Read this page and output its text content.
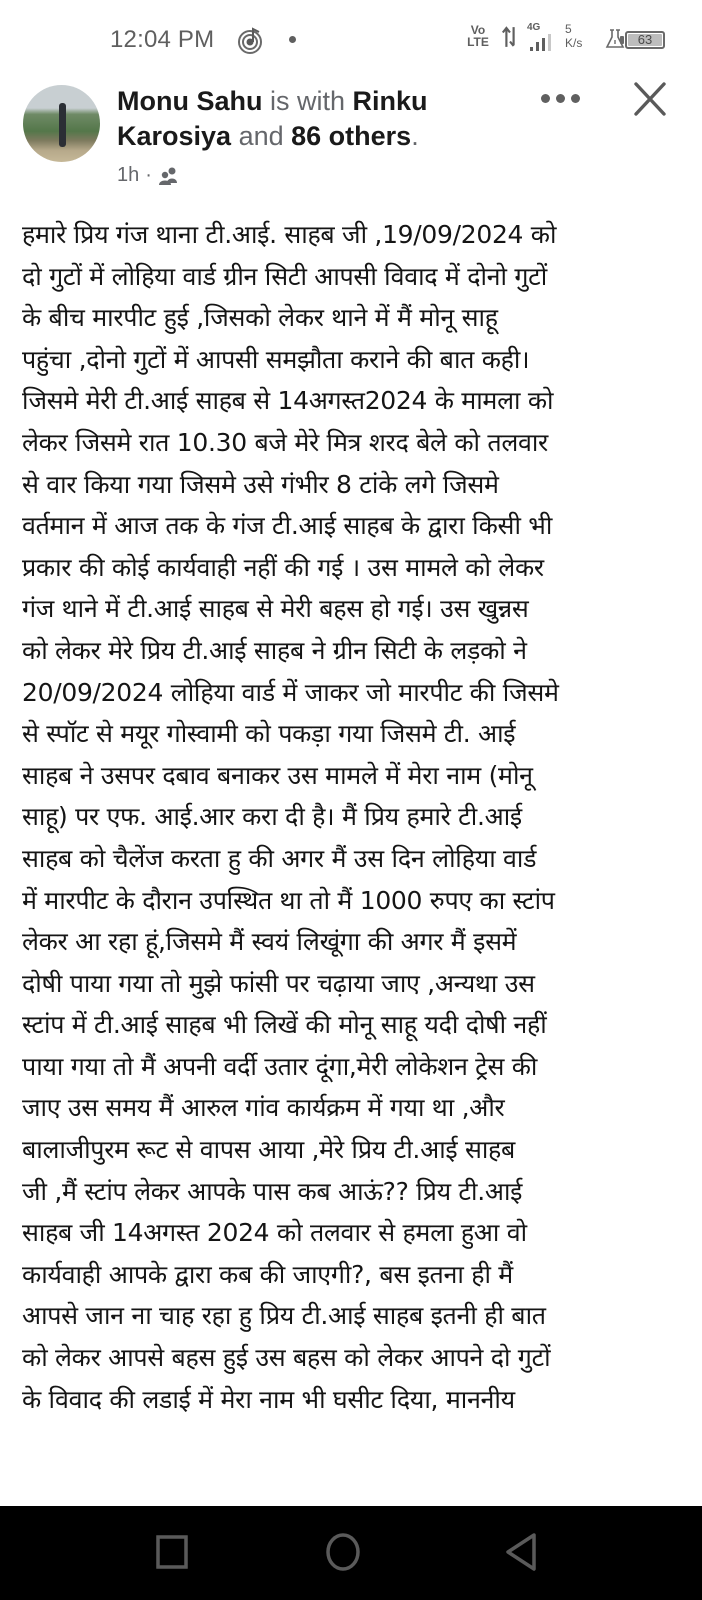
12:04 PM	Vo
LTE
4G 5
K/s	63
Monu Sahu is with Rinku Karosiya and 86 others.
1h ·
हमारे प्रिय गंज थाना टी.आई. साहब जी ,19/09/2024 को
दो गुटों में लोहिया वार्ड ग्रीन सिटी आपसी विवाद में दोनो गुटों
के बीच मारपीट हुई ,जिसको लेकर थाने में मैं मोनू साहू
पहुंचा ,दोनो गुटों में आपसी समझौता कराने की बात कही।
जिसमे मेरी टी.आई साहब से 14अगस्त2024 के मामला को
लेकर जिसमे रात 10.30 बजे मेरे मित्र शरद बेले को तलवार
से वार किया गया जिसमे उसे गंभीर 8 टांके लगे जिसमे
वर्तमान में आज तक के गंज टी.आई साहब के द्वारा किसी भी
प्रकार की कोई कार्यवाही नहीं की गई । उस मामले को लेकर
गंज थाने में टी.आई साहब से मेरी बहस हो गई। उस खुन्नस
को लेकर मेरे प्रिय टी.आई साहब ने ग्रीन सिटी के लड़को ने
20/09/2024 लोहिया वार्ड में जाकर जो मारपीट की जिसमे
से स्पॉट से मयूर गोस्वामी को पकड़ा गया जिसमे टी. आई
साहब ने उसपर दबाव बनाकर उस मामले में मेरा नाम (मोनू
साहू) पर एफ. आई.आर करा दी है। मैं प्रिय हमारे टी.आई
साहब को चैलेंज करता हु की अगर मैं उस दिन लोहिया वार्ड
में मारपीट के दौरान उपस्थित था तो मैं 1000 रुपए का स्टांप
लेकर आ रहा हूं,जिसमे मैं स्वयं लिखूंगा की अगर मैं इसमें
दोषी पाया गया तो मुझे फांसी पर चढ़ाया जाए ,अन्यथा उस
स्टांप में टी.आई साहब भी लिखें की मोनू साहू यदी दोषी नहीं
पाया गया तो मैं अपनी वर्दी उतार दूंगा,मेरी लोकेशन ट्रेस की
जाए उस समय मैं आरुल गांव कार्यक्रम में गया था ,और
बालाजीपुरम रूट से वापस आया ,मेरे प्रिय टी.आई साहब
जी ,मैं स्टांप लेकर आपके पास कब आऊं?? प्रिय टी.आई
साहब जी 14अगस्त 2024 को तलवार से हमला हुआ वो
कार्यवाही आपके द्वारा कब की जाएगी?, बस इतना ही मैं
आपसे जान ना चाह रहा हु प्रिय टी.आई साहब इतनी ही बात
को लेकर आपसे बहस हुई उस बहस को लेकर आपने दो गुटों
के विवाद की लडाई में मेरा नाम भी घसीट दिया, माननीय
